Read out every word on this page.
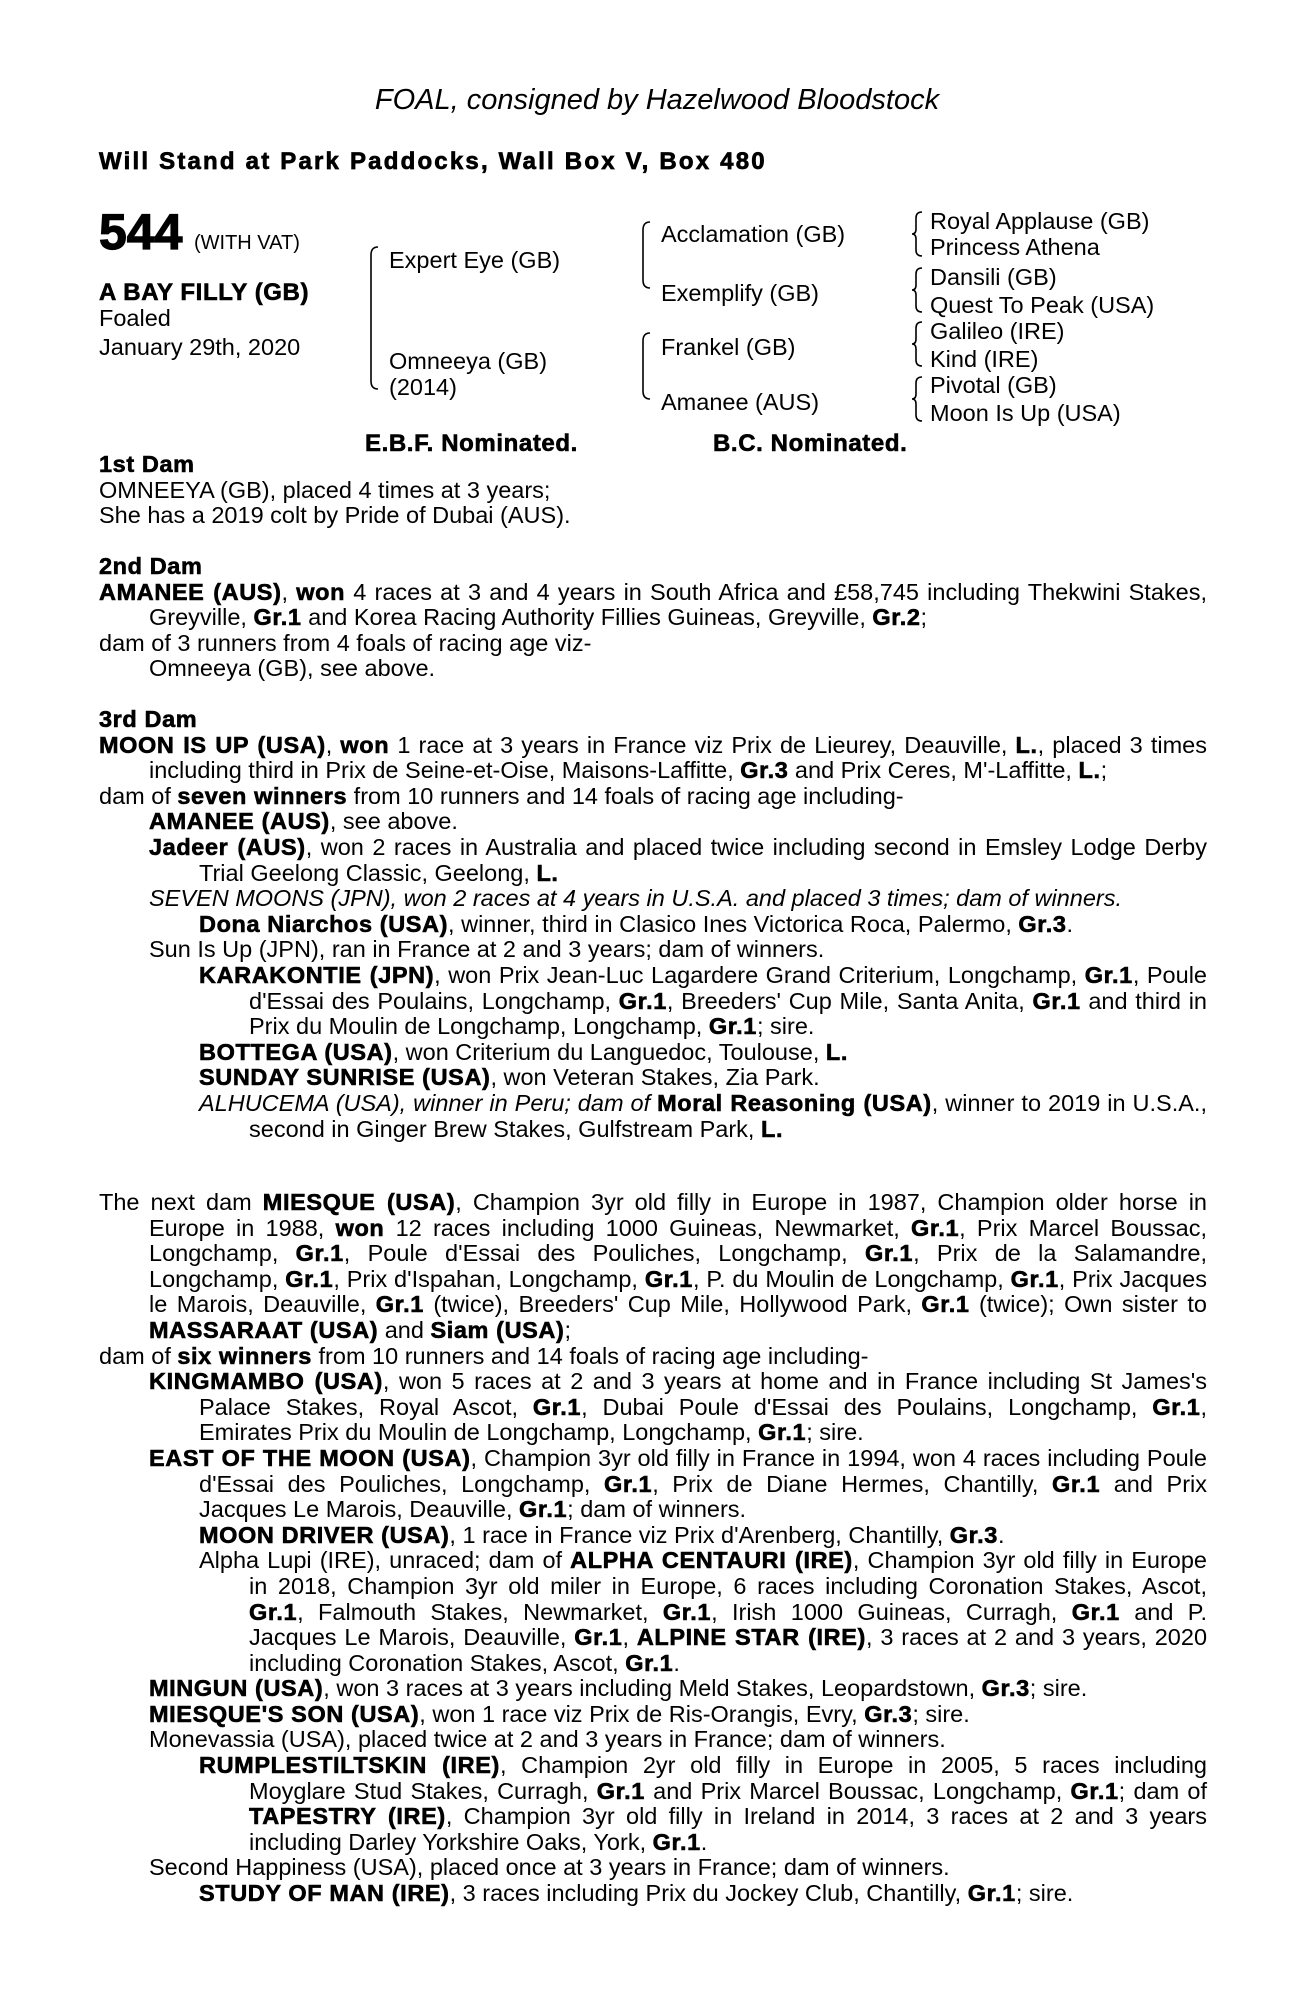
FOAL, consigned by Hazelwood Bloodstock
Will Stand at Park Paddocks, Wall Box V, Box 480
544 (WITH VAT)
A BAY FILLY (GB)
Foaled
January 29th, 2020
Expert Eye (GB)
Omneeya (GB)
(2014)
Acclamation (GB)
Exemplify (GB)
Frankel (GB)
Amanee (AUS)
Royal Applause (GB)
Princess Athena
Dansili (GB)
Quest To Peak (USA)
Galileo (IRE)
Kind (IRE)
Pivotal (GB)
Moon Is Up (USA)
E.B.F. Nominated.	B.C. Nominated.

1st Dam

OMNEEYA (GB), placed 4 times at 3 years;

She has a 2019 colt by Pride of Dubai (AUS).

2nd Dam

AMANEE (AUS), won 4 races at 3 and 4 years in South Africa and £58,745 including Thekwini Stakes, Greyville, Gr.1 and Korea Racing Authority Fillies Guineas, Greyville, Gr.2;

dam of 3 runners from 4 foals of racing age viz-

Omneeya (GB), see above.

3rd Dam

MOON IS UP (USA), won 1 race at 3 years in France viz Prix de Lieurey, Deauville, L., placed 3 times including third in Prix de Seine-et-Oise, Maisons-Laffitte, Gr.3 and Prix Ceres, M'-Laffitte, L.;

dam of seven winners from 10 runners and 14 foals of racing age including-

AMANEE (AUS), see above.

Jadeer (AUS), won 2 races in Australia and placed twice including second in Emsley Lodge Derby Trial Geelong Classic, Geelong, L.

SEVEN MOONS (JPN), won 2 races at 4 years in U.S.A. and placed 3 times; dam of winners.

Dona Niarchos (USA), winner, third in Clasico Ines Victorica Roca, Palermo, Gr.3.

Sun Is Up (JPN), ran in France at 2 and 3 years; dam of winners.

KARAKONTIE (JPN), won Prix Jean-Luc Lagardere Grand Criterium, Longchamp, Gr.1, Poule d'Essai des Poulains, Longchamp, Gr.1, Breeders' Cup Mile, Santa Anita, Gr.1 and third in Prix du Moulin de Longchamp, Longchamp, Gr.1; sire.

BOTTEGA (USA), won Criterium du Languedoc, Toulouse, L.

SUNDAY SUNRISE (USA), won Veteran Stakes, Zia Park.

ALHUCEMA (USA), winner in Peru; dam of Moral Reasoning (USA), winner to 2019 in U.S.A., second in Ginger Brew Stakes, Gulfstream Park, L.

The next dam MIESQUE (USA), Champion 3yr old filly in Europe in 1987, Champion older horse in Europe in 1988, won 12 races including 1000 Guineas, Newmarket, Gr.1, Prix Marcel Boussac, Longchamp, Gr.1, Poule d'Essai des Pouliches, Longchamp, Gr.1, Prix de la Salamandre, Longchamp, Gr.1, Prix d'Ispahan, Longchamp, Gr.1, P. du Moulin de Longchamp, Gr.1, Prix Jacques le Marois, Deauville, Gr.1 (twice), Breeders' Cup Mile, Hollywood Park, Gr.1 (twice); Own sister to MASSARAAT (USA) and Siam (USA);

dam of six winners from 10 runners and 14 foals of racing age including-

KINGMAMBO (USA), won 5 races at 2 and 3 years at home and in France including St James's Palace Stakes, Royal Ascot, Gr.1, Dubai Poule d'Essai des Poulains, Longchamp, Gr.1, Emirates Prix du Moulin de Longchamp, Longchamp, Gr.1; sire.

EAST OF THE MOON (USA), Champion 3yr old filly in France in 1994, won 4 races including Poule d'Essai des Pouliches, Longchamp, Gr.1, Prix de Diane Hermes, Chantilly, Gr.1 and Prix Jacques Le Marois, Deauville, Gr.1; dam of winners.

MOON DRIVER (USA), 1 race in France viz Prix d'Arenberg, Chantilly, Gr.3.

Alpha Lupi (IRE), unraced; dam of ALPHA CENTAURI (IRE), Champion 3yr old filly in Europe in 2018, Champion 3yr old miler in Europe, 6 races including Coronation Stakes, Ascot, Gr.1, Falmouth Stakes, Newmarket, Gr.1, Irish 1000 Guineas, Curragh, Gr.1 and P. Jacques Le Marois, Deauville, Gr.1, ALPINE STAR (IRE), 3 races at 2 and 3 years, 2020 including Coronation Stakes, Ascot, Gr.1.

MINGUN (USA), won 3 races at 3 years including Meld Stakes, Leopardstown, Gr.3; sire.

MIESQUE'S SON (USA), won 1 race viz Prix de Ris-Orangis, Evry, Gr.3; sire.

Monevassia (USA), placed twice at 2 and 3 years in France; dam of winners.

RUMPLESTILTSKIN (IRE), Champion 2yr old filly in Europe in 2005, 5 races including Moyglare Stud Stakes, Curragh, Gr.1 and Prix Marcel Boussac, Longchamp, Gr.1; dam of TAPESTRY (IRE), Champion 3yr old filly in Ireland in 2014, 3 races at 2 and 3 years including Darley Yorkshire Oaks, York, Gr.1.

Second Happiness (USA), placed once at 3 years in France; dam of winners.

STUDY OF MAN (IRE), 3 races including Prix du Jockey Club, Chantilly, Gr.1; sire.
